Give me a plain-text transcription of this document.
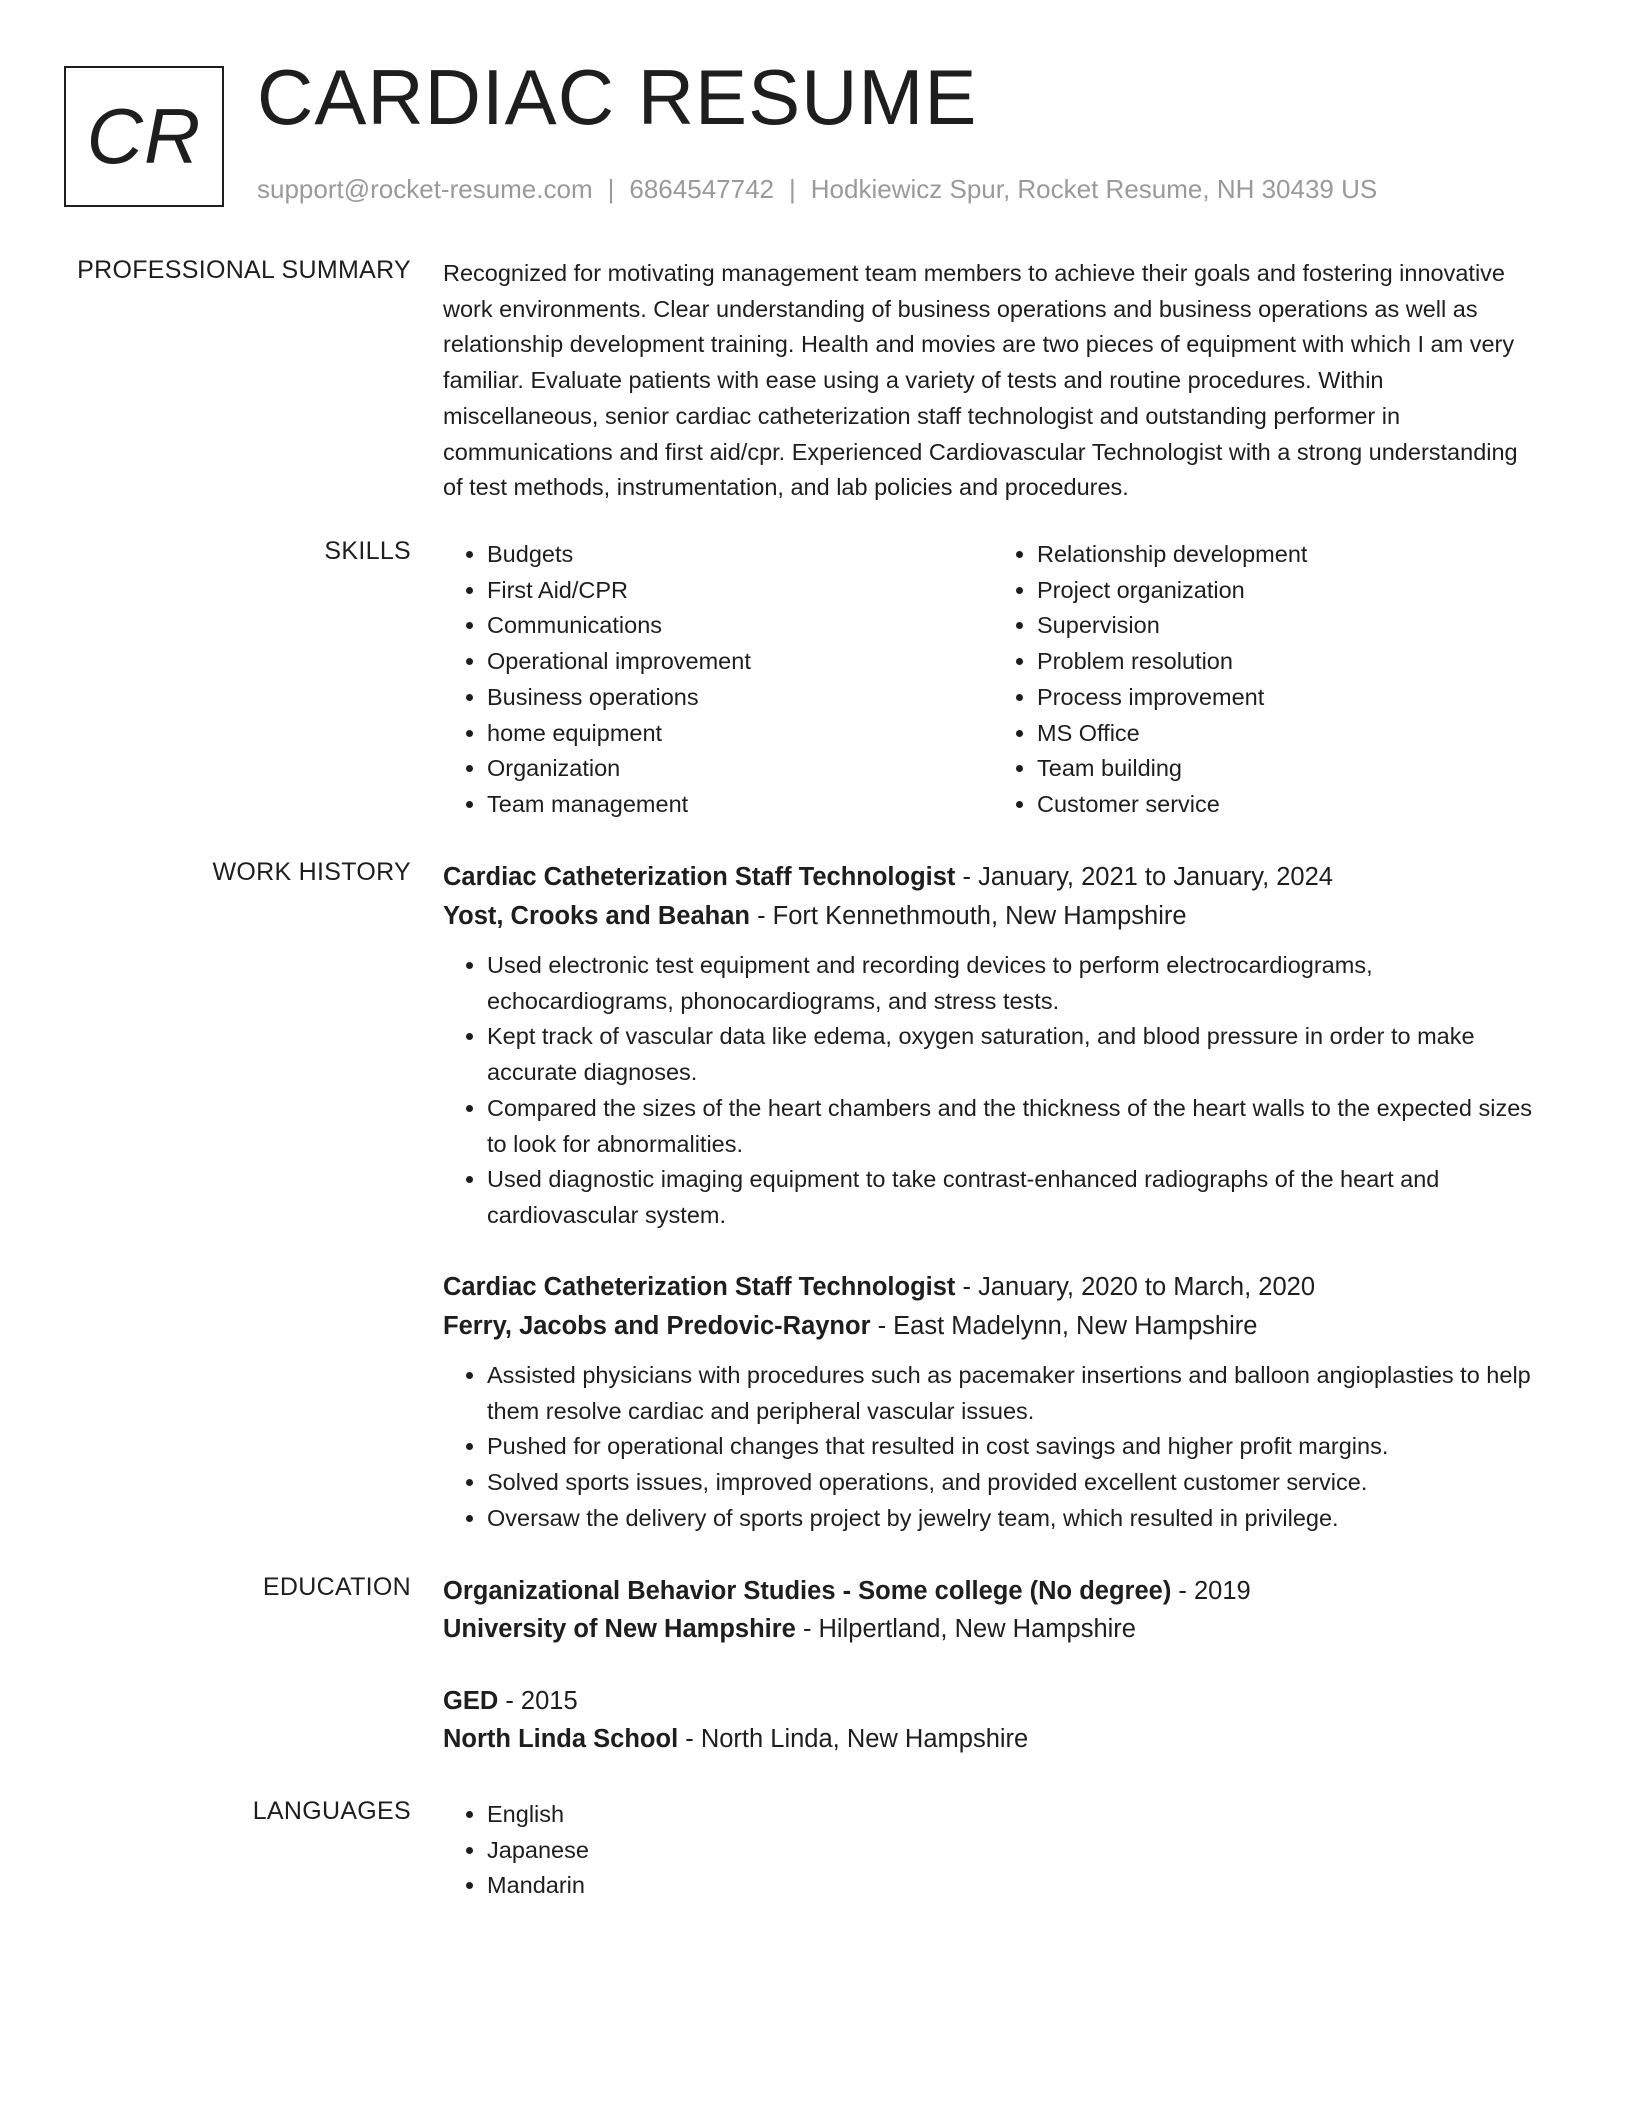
CR CARDIAC RESUME
support@rocket-resume.com | 6864547742 | Hodkiewicz Spur, Rocket Resume, NH 30439 US
PROFESSIONAL SUMMARY Recognized for motivating management team members to achieve their goals and fostering innovative work environments. Clear understanding of business operations and business operations as well as relationship development training. Health and movies are two pieces of equipment with which I am very familiar. Evaluate patients with ease using a variety of tests and routine procedures. Within miscellaneous, senior cardiac catheterization staff technologist and outstanding performer in communications and first aid/cpr. Experienced Cardiovascular Technologist with a strong understanding of test methods, instrumentation, and lab policies and procedures.
SKILLS	• Budgets
• First Aid/CPR
• Communications
• Operational improvement
• Business operations
• home equipment
• Organization
• Team management
• Relationship development
• Project organization
• Supervision
• Problem resolution
• Process improvement
• MS Office
• Team building
• Customer service
WORK HISTORY Cardiac Catheterization Staff Technologist - January, 2021 to January, 2024
Yost, Crooks and Beahan - Fort Kennethmouth, New Hampshire
• Used electronic test equipment and recording devices to perform electrocardiograms, echocardiograms, phonocardiograms, and stress tests.
• Kept track of vascular data like edema, oxygen saturation, and blood pressure in order to make accurate diagnoses.
• Compared the sizes of the heart chambers and the thickness of the heart walls to the expected sizes to look for abnormalities.
• Used diagnostic imaging equipment to take contrast-enhanced radiographs of the heart and cardiovascular system.
Cardiac Catheterization Staff Technologist - January, 2020 to March, 2020
Ferry, Jacobs and Predovic-Raynor - East Madelynn, New Hampshire
• Assisted physicians with procedures such as pacemaker insertions and balloon angioplasties to help them resolve cardiac and peripheral vascular issues.
• Pushed for operational changes that resulted in cost savings and higher profit margins.
• Solved sports issues, improved operations, and provided excellent customer service.
• Oversaw the delivery of sports project by jewelry team, which resulted in privilege.
EDUCATION Organizational Behavior Studies - Some college (No degree) - 2019
University of New Hampshire - Hilpertland, New Hampshire
GED - 2015
North Linda School - North Linda, New Hampshire
LANGUAGES	• English
• Japanese
• Mandarin
